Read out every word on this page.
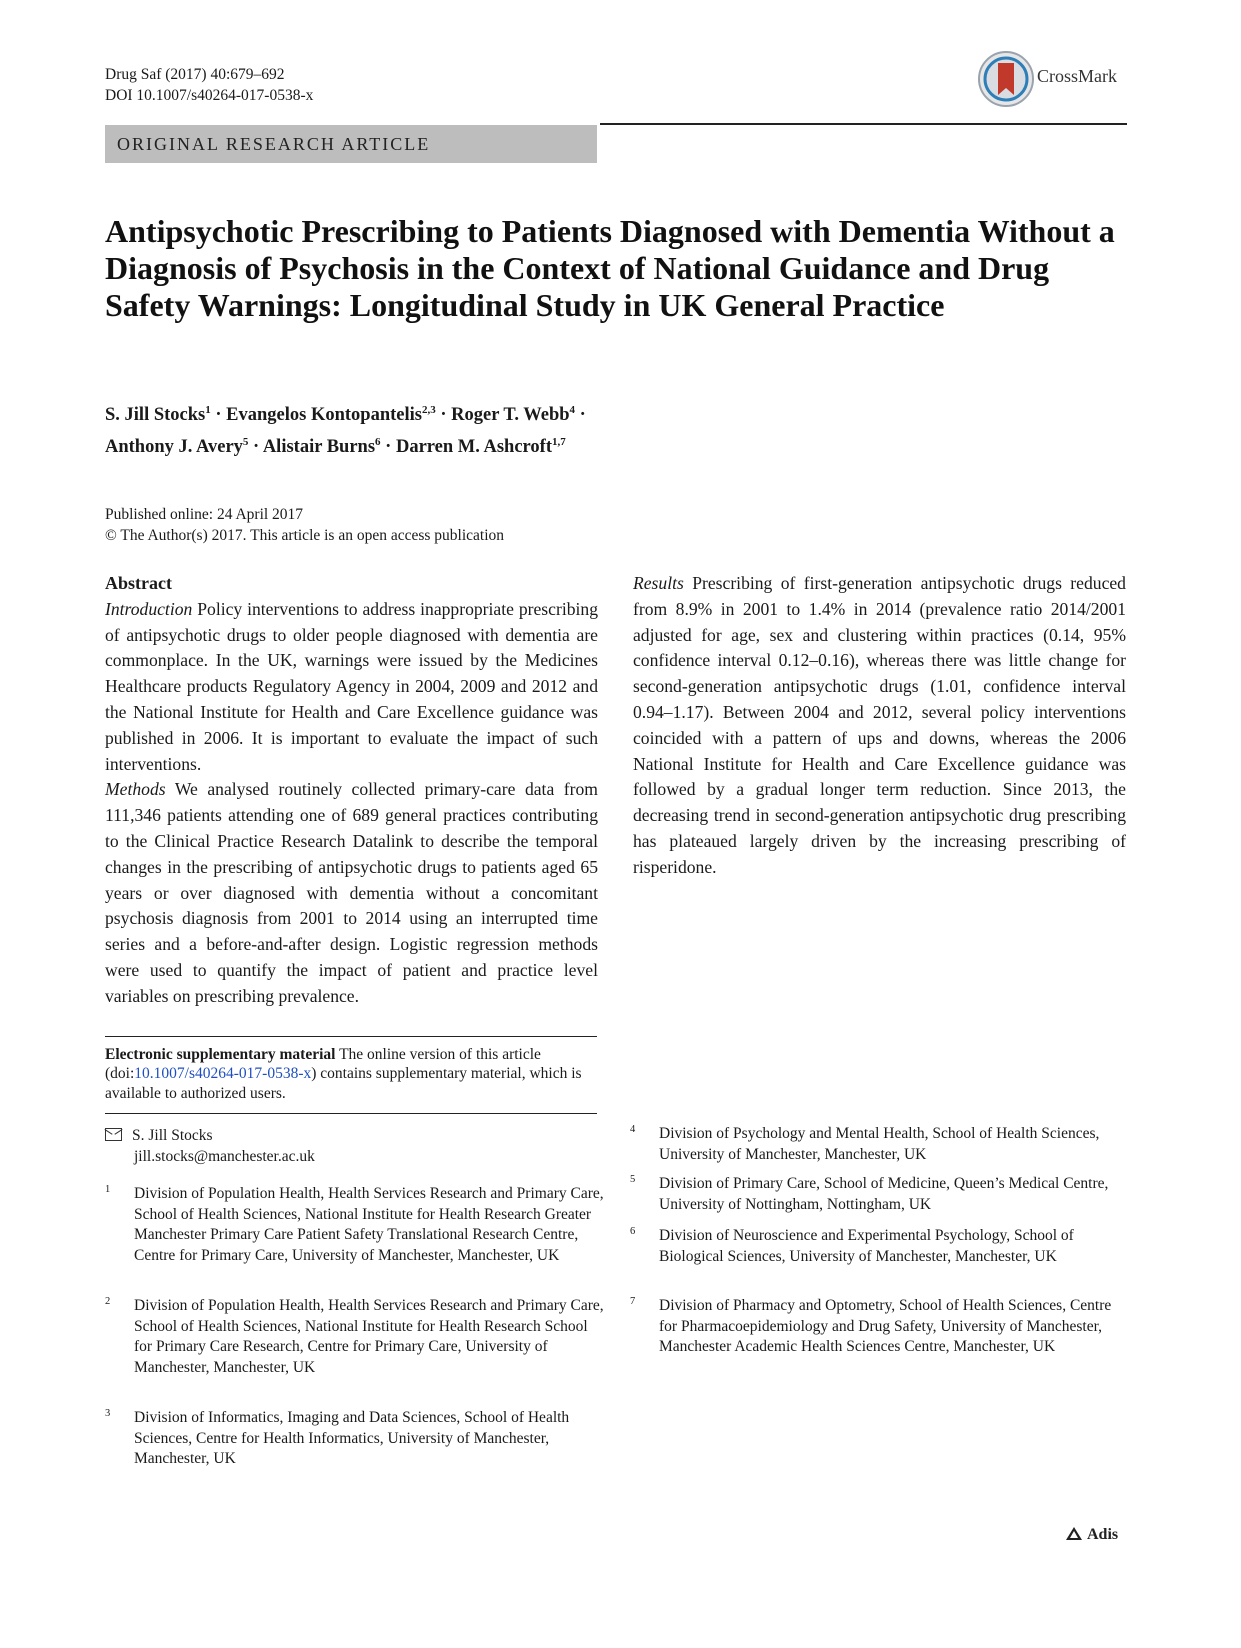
Drug Saf (2017) 40:679–692
DOI 10.1007/s40264-017-0538-x
CrossMark
ORIGINAL RESEARCH ARTICLE
Antipsychotic Prescribing to Patients Diagnosed with Dementia Without a Diagnosis of Psychosis in the Context of National Guidance and Drug Safety Warnings: Longitudinal Study in UK General Practice

S. Jill Stocks$^1$ · Evangelos Kontopantelis$^{2,3}$ · Roger T. Webb$^4$ ·
Anthony J. Avery$^5$ · Alistair Burns$^6$ · Darren M. Ashcroft$^{1,7}$

Published online: 24 April 2017
© The Author(s) 2017. This article is an open access publication

Abstract
Introduction Policy interventions to address inappropriate prescribing of antipsychotic drugs to older people diagnosed with dementia are commonplace. In the UK, warnings were issued by the Medicines Healthcare products Regulatory Agency in 2004, 2009 and 2012 and the National Institute for Health and Care Excellence guidance was published in 2006. It is important to evaluate the impact of such interventions.
Methods We analysed routinely collected primary-care data from 111,346 patients attending one of 689 general practices contributing to the Clinical Practice Research Datalink to describe the temporal changes in the prescribing of antipsychotic drugs to patients aged 65 years or over diagnosed with dementia without a concomitant psychosis diagnosis from 2001 to 2014 using an interrupted time series and a before-and-after design. Logistic regression methods were used to quantify the impact of patient and practice level variables on prescribing prevalence.

Results Prescribing of first-generation antipsychotic drugs reduced from 8.9% in 2001 to 1.4% in 2014 (prevalence ratio 2014/2001 adjusted for age, sex and clustering within practices (0.14, 95% confidence interval 0.12–0.16), whereas there was little change for second-generation antipsychotic drugs (1.01, confidence interval 0.94–1.17). Between 2004 and 2012, several policy interventions coincided with a pattern of ups and downs, whereas the 2006 National Institute for Health and Care Excellence guidance was followed by a gradual longer term reduction. Since 2013, the decreasing trend in second-generation antipsychotic drug prescribing has plateaued largely driven by the increasing prescribing of risperidone.

Electronic supplementary material The online version of this article (doi:10.1007/s40264-017-0538-x) contains supplementary material, which is available to authorized users.
S. Jill Stocks
jill.stocks@manchester.ac.uk
1 Division of Population Health, Health Services Research and Primary Care, School of Health Sciences, National Institute for Health Research Greater Manchester Primary Care Patient Safety Translational Research Centre, Centre for Primary Care, University of Manchester, Manchester, UK
2 Division of Population Health, Health Services Research and Primary Care, School of Health Sciences, National Institute for Health Research School for Primary Care Research, Centre for Primary Care, University of Manchester, Manchester, UK
3 Division of Informatics, Imaging and Data Sciences, School of Health Sciences, Centre for Health Informatics, University of Manchester, Manchester, UK
4 Division of Psychology and Mental Health, School of Health Sciences, University of Manchester, Manchester, UK
5 Division of Primary Care, School of Medicine, Queen’s Medical Centre, University of Nottingham, Nottingham, UK
6 Division of Neuroscience and Experimental Psychology, School of Biological Sciences, University of Manchester, Manchester, UK
7 Division of Pharmacy and Optometry, School of Health Sciences, Centre for Pharmacoepidemiology and Drug Safety, University of Manchester, Manchester Academic Health Sciences Centre, Manchester, UK
Adis
